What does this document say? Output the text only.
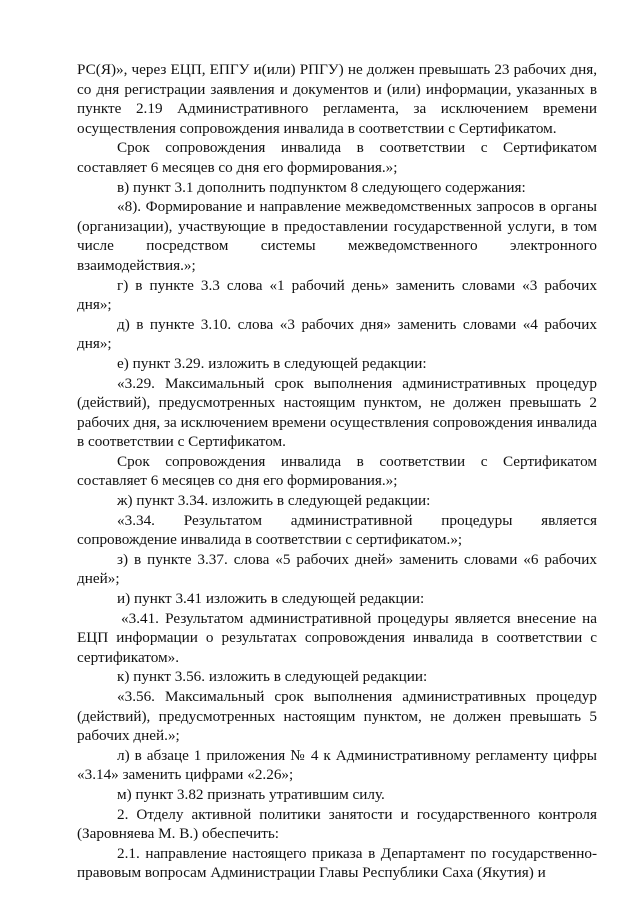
РС(Я)», через ЕЦП, ЕПГУ и(или) РПГУ) не должен превышать 23 рабочих дня, со дня регистрации заявления и документов и (или) информации, указанных в пункте 2.19 Административного регламента, за исключением времени осуществления сопровождения инвалида в соответствии с Сертификатом.

Срок сопровождения инвалида в соответствии с Сертификатом составляет 6 месяцев со дня его формирования.»;

в) пункт 3.1 дополнить подпунктом 8 следующего содержания:

«8). Формирование и направление межведомственных запросов в органы (организации), участвующие в предоставлении государственной услуги, в том числе посредством системы межведомственного электронного взаимодействия.»;

г) в пункте 3.3 слова «1 рабочий день» заменить словами «3 рабочих дня»;

д) в пункте 3.10. слова «3 рабочих дня» заменить словами «4 рабочих дня»;

е) пункт 3.29. изложить в следующей редакции:

«3.29. Максимальный срок выполнения административных процедур (действий), предусмотренных настоящим пунктом, не должен превышать 2 рабочих дня, за исключением времени осуществления сопровождения инвалида в соответствии с Сертификатом.

Срок сопровождения инвалида в соответствии с Сертификатом составляет 6 месяцев со дня его формирования.»;

ж) пункт 3.34. изложить в следующей редакции:

«3.34. Результатом административной процедуры является сопровождение инвалида в соответствии с сертификатом.»;

з) в пункте 3.37. слова «5 рабочих дней» заменить словами «6 рабочих дней»;

и) пункт 3.41 изложить в следующей редакции:

«3.41. Результатом административной процедуры является внесение на ЕЦП информации о результатах сопровождения инвалида в соответствии с сертификатом».

к) пункт 3.56. изложить в следующей редакции:

«3.56. Максимальный срок выполнения административных процедур (действий), предусмотренных настоящим пунктом, не должен превышать 5 рабочих дней.»;

л) в абзаце 1 приложения № 4 к Административному регламенту цифры «3.14» заменить цифрами «2.26»;

м) пункт 3.82 признать утратившим силу.

2. Отделу активной политики занятости и государственного контроля (Заровняева М. В.) обеспечить:

2.1. направление настоящего приказа в Департамент по государственно-правовым вопросам Администрации Главы Республики Саха (Якутия) и
